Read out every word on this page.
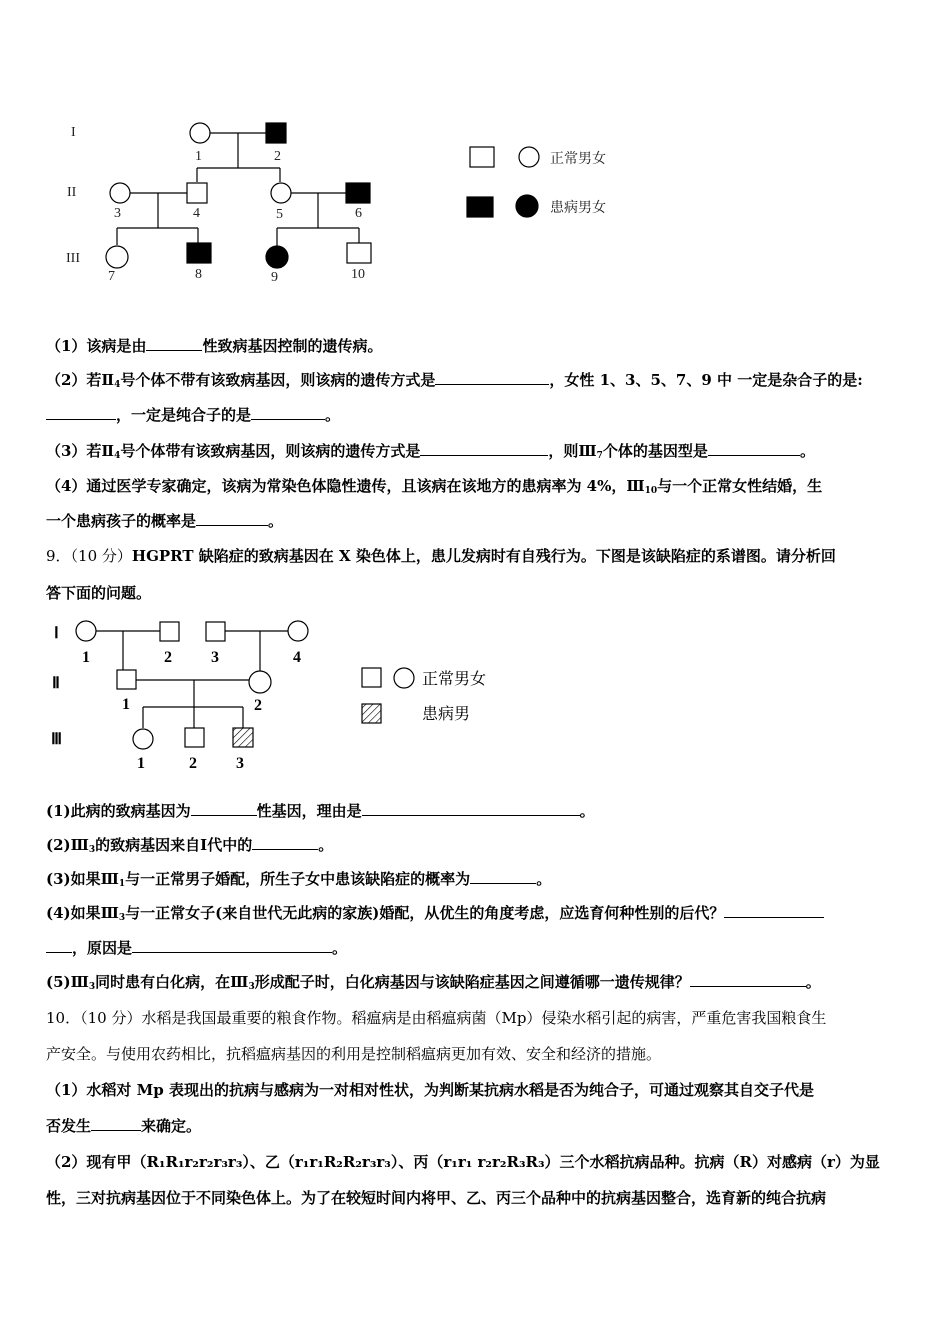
I
II
III
1	2
3	4	5	6
7	8	9	10
正常男女
患病男女
（1）该病是由	性致病基因控制的遗传病。
（2）若$Ⅱ_4$号个体不带有该致病基因，则该病的遗传方式是	，女性 1、3、5、7、9 中 一定是杂合子的是:
，一定是纯合子的是	。
（3）若$Ⅱ_4$号个体带有该致病基因，则该病的遗传方式是	，则$Ⅲ_7$个体的基因型是	。
（4）通过医学专家确定，该病为常染色体隐性遗传，且该病在该地方的患病率为 4%，$Ⅲ_{10}$与一个正常女性结婚，生
一个患病孩子的概率是	。
9．（10 分）HGPRT 缺陷症的致病基因在 X 染色体上，患儿发病时有自残行为。下图是该缺陷症的系谱图。请分析回
答下面的问题。
Ⅰ
Ⅱ
Ⅲ
1	2 3	4
1	2
1	2 3
正常男女
患病男
(1)此病的致病基因为	性基因，理由是	。
$(2)Ⅲ_3$的致病基因来自Ⅰ代中的	。
(3)如果$Ⅲ_1$与一正常男子婚配，所生子女中患该缺陷症的概率为	。
(4)如果$Ⅲ_3$与一正常女子(来自世代无此病的家族)婚配，从优生的角度考虑，应选育何种性别的后代？
，原因是	。
$(5)Ⅲ_3$同时患有白化病，在$Ⅲ_3$形成配子时，白化病基因与该缺陷症基因之间遵循哪一遗传规律？	。
10．（10 分）水稻是我国最重要的粮食作物。稻瘟病是由稻瘟病菌（Mp）侵染水稻引起的病害，严重危害我国粮食生
产安全。与使用农药相比，抗稻瘟病基因的利用是控制稻瘟病更加有效、安全和经济的措施。
（1）水稻对 Mp 表现出的抗病与感病为一对相对性状，为判断某抗病水稻是否为纯合子，可通过观察其自交子代是
否发生	来确定。
（2）现有甲（R₁R₁r₂r₂r₃r₃）、乙（r₁r₁R₂R₂r₃r₃）、丙（r₁r₁ r₂r₂R₃R₃）三个水稻抗病品种。抗病（R）对感病（r）为显
性，三对抗病基因位于不同染色体上。为了在较短时间内将甲、乙、丙三个品种中的抗病基因整合，选育新的纯合抗病
